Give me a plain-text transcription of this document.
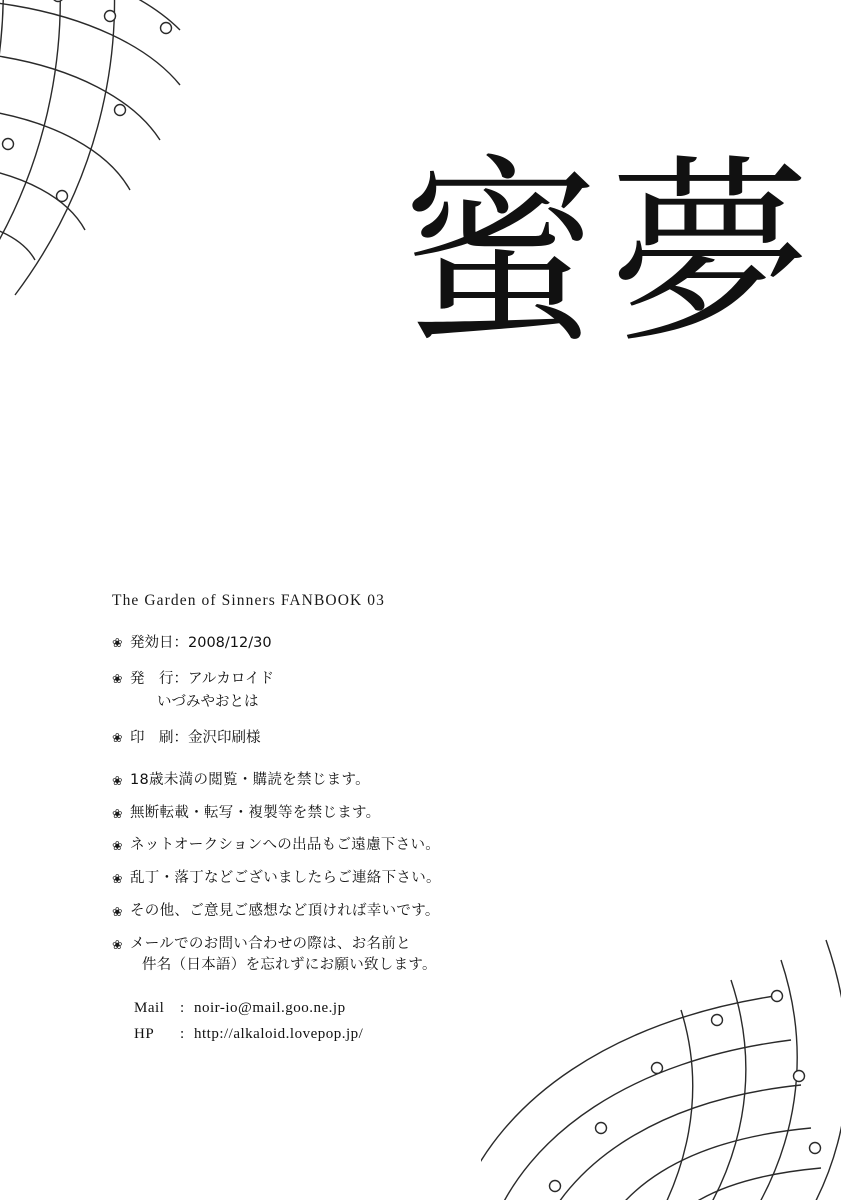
蜜夢
The Garden of Sinners FANBOOK 03
❀ 発効日：2008/12/30
❀ 発　行：アルカロイド
いづみやおとは
❀ 印　刷：金沢印刷様
❀ 18歳未満の閲覧・購読を禁じます。
❀ 無断転載・転写・複製等を禁じます。
❀ ネットオークションへの出品もご遠慮下さい。
❀ 乱丁・落丁などございましたらご連絡下さい。
❀ その他、ご意見ご感想など頂ければ幸いです。
❀ メールでのお問い合わせの際は、お名前と
件名（日本語）を忘れずにお願い致します。
Mail	: noir-io@mail.goo.ne.jp
HP	: http://alkaloid.lovepop.jp/
